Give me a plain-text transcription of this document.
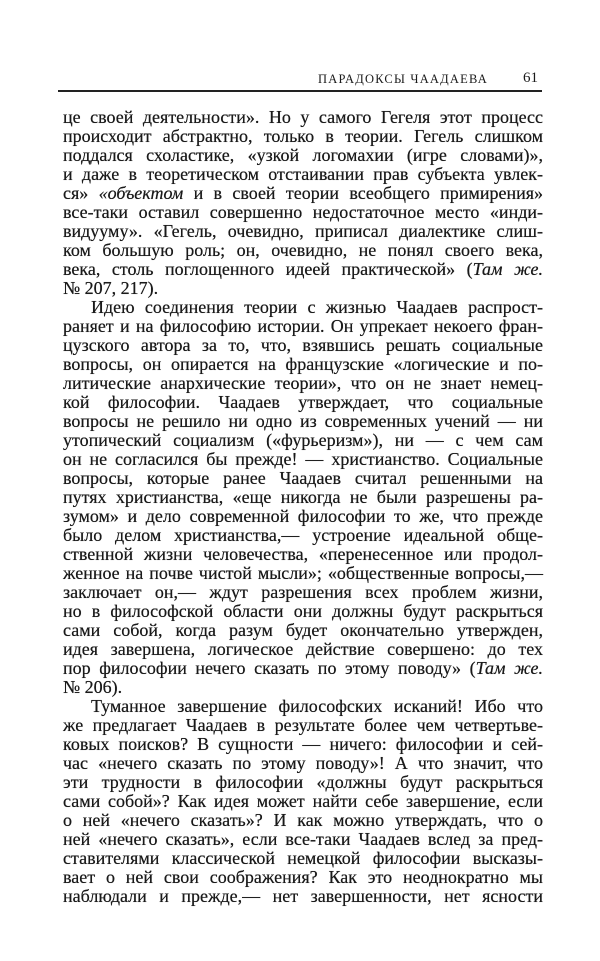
ПАРАДОКСЫ ЧААДАЕВА 61
це своей деятельности». Но у самого Гегеля этот процесс
происходит абстрактно, только в теории. Гегель слишком
поддался схоластике, «узкой логомахии (игре словами)»,
и даже в теоретическом отстаивании прав субъекта увлек-
ся» «объектом и в своей теории всеобщего примирения»
все-таки оставил совершенно недостаточное место «инди-
видууму». «Гегель, очевидно, приписал диалектике слиш-
ком большую роль; он, очевидно, не понял своего века,
века, столь поглощенного идеей практической» (Там же.
№ 207, 217).
Идею соединения теории с жизнью Чаадаев распрост-
раняет и на философию истории. Он упрекает некоего фран-
цузского автора за то, что, взявшись решать социальные
вопросы, он опирается на французские «логические и по-
литические анархические теории», что он не знает немец-
кой философии. Чаадаев утверждает, что социальные
вопросы не решило ни одно из современных учений — ни
утопический социализм («фурьеризм»), ни — с чем сам
он не согласился бы прежде! — христианство. Социальные
вопросы, которые ранее Чаадаев считал решенными на
путях христианства, «еще никогда не были разрешены ра-
зумом» и дело современной философии то же, что прежде
было делом христианства,— устроение идеальной обще-
ственной жизни человечества, «перенесенное или продол-
женное на почве чистой мысли»; «общественные вопросы,—
заключает он,— ждут разрешения всех проблем жизни,
но в философской области они должны будут раскрыться
сами собой, когда разум будет окончательно утвержден,
идея завершена, логическое действие совершено: до тех
пор философии нечего сказать по этому поводу» (Там же.
№ 206).
Туманное завершение философских исканий! Ибо что
же предлагает Чаадаев в результате более чем четвертьве-
ковых поисков? В сущности — ничего: философии и сей-
час «нечего сказать по этому поводу»! А что значит, что
эти трудности в философии «должны будут раскрыться
сами собой»? Как идея может найти себе завершение, если
о ней «нечего сказать»? И как можно утверждать, что о
ней «нечего сказать», если все-таки Чаадаев вслед за пред-
ставителями классической немецкой философии высказы-
вает о ней свои соображения? Как это неоднократно мы
наблюдали и прежде,— нет завершенности, нет ясности
